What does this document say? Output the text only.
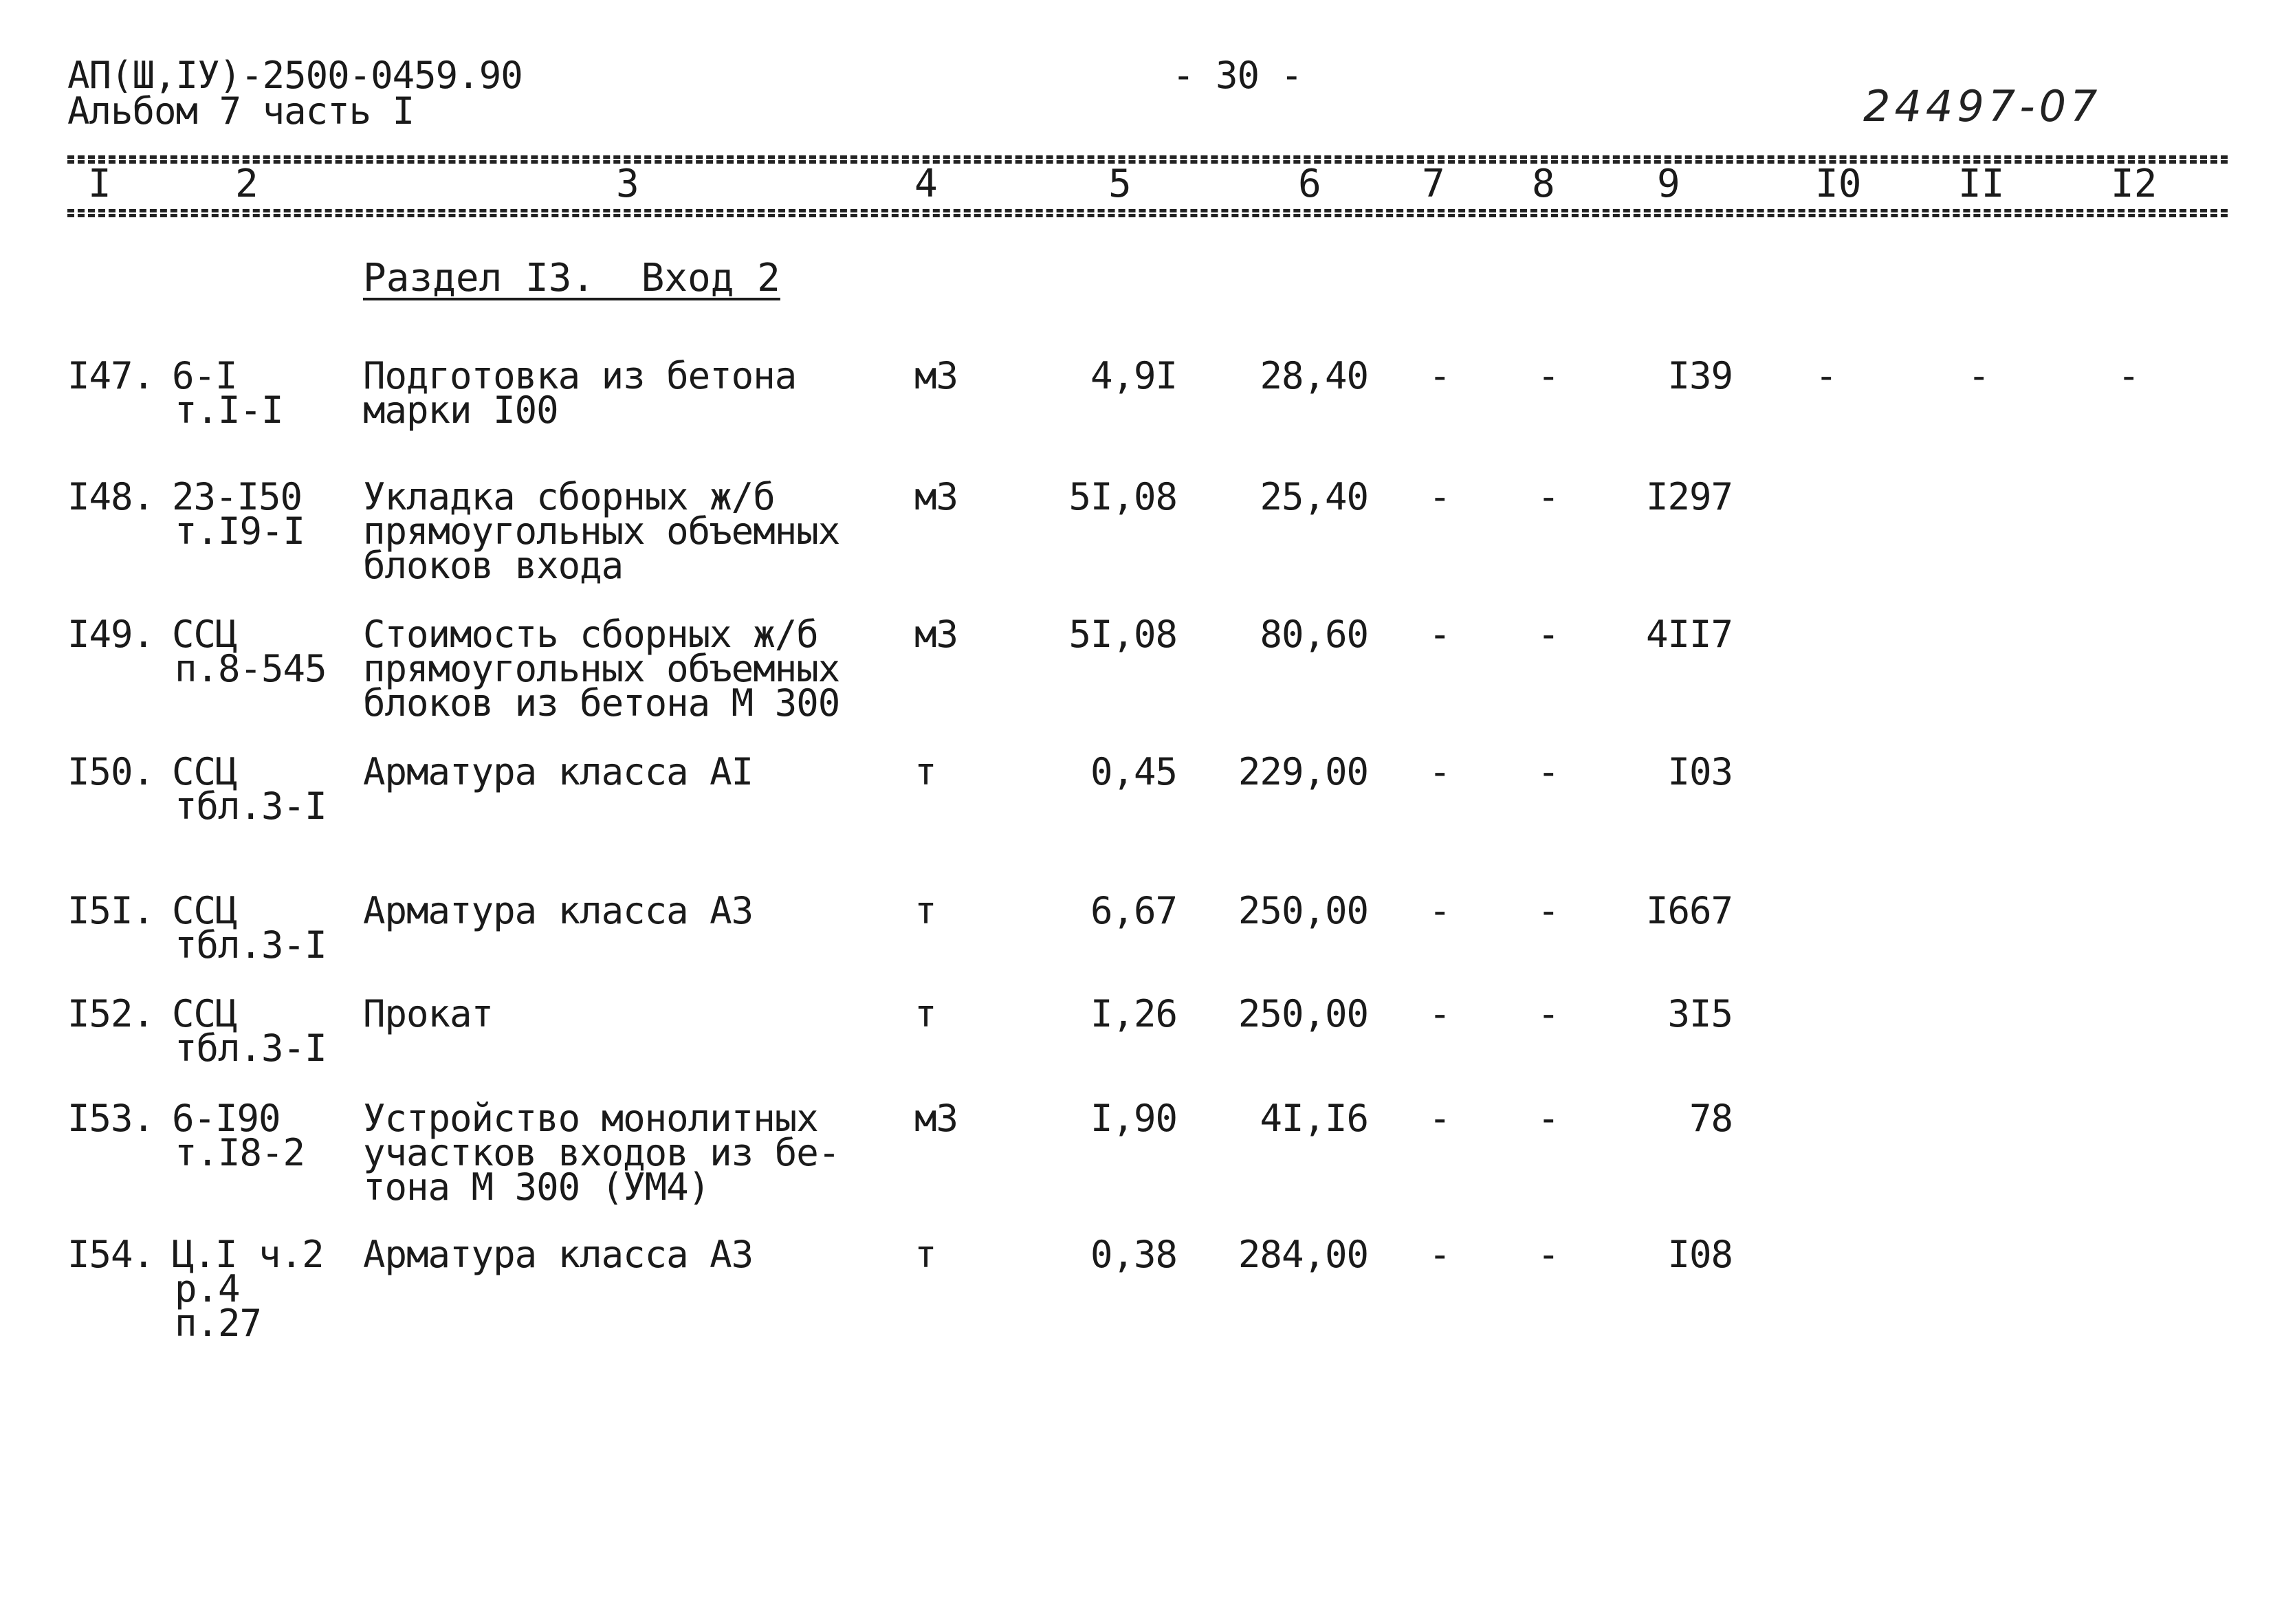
АП(Ш,IУ)-2500-0459.90
Альбом 7 часть I
- 30 -
24497-07
I	2	3	4	5	6	7 8	9	I0	II	I2
Раздел I3.  Вход 2
I47. 6-I
т.I-I
Подготовка из бетона
марки I00
м3	4,9I 28,40 - -	I39 -	-	-
I48. 23-I50
т.I9-I
Укладка сборных ж/б
прямоугольных объемных
блоков входа
м3	5I,08 25,40 - - I297
I49. ССЦ
п.8-545
Стоимость сборных ж/б
прямоугольных объемных
блоков из бетона М 300
м3	5I,08 80,60 - - 4II7
I50. ССЦ
тбл.3-I
Арматура класса АI	т	0,45 229,00 - -	I03
I5I. ССЦ
тбл.3-I
Арматура класса А3	т	6,67 250,00 - - I667
I52. ССЦ
тбл.3-I
Прокат	т	I,26 250,00 - -	3I5
I53. 6-I90
т.I8-2
Устройство монолитных
участков входов из бе-
тона М 300 (УМ4)
м3	I,90 4I,I6 - -	78
I54. Ц.I ч.2
р.4
п.27
Арматура класса А3	т	0,38 284,00 - -	I08
